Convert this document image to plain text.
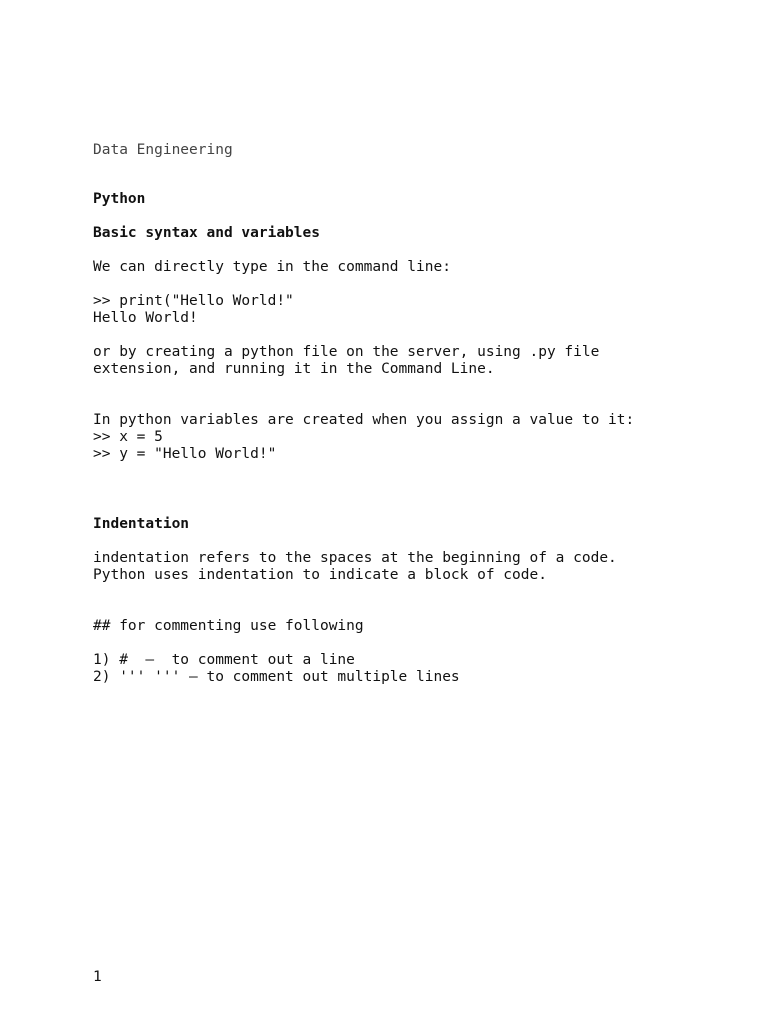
Data Engineering

Python

Basic syntax and variables

We can directly type in the command line:

>> print("Hello World!"

Hello World!

or by creating a python file on the server, using .py file

extension, and running it in the Command Line.

In python variables are created when you assign a value to it:

>> x = 5

>> y = "Hello World!"

Indentation

indentation refers to the spaces at the beginning of a code.

Python uses indentation to indicate a block of code.

## for commenting use following

1) #  –  to comment out a line

2) ''' ''' – to comment out multiple lines

1
